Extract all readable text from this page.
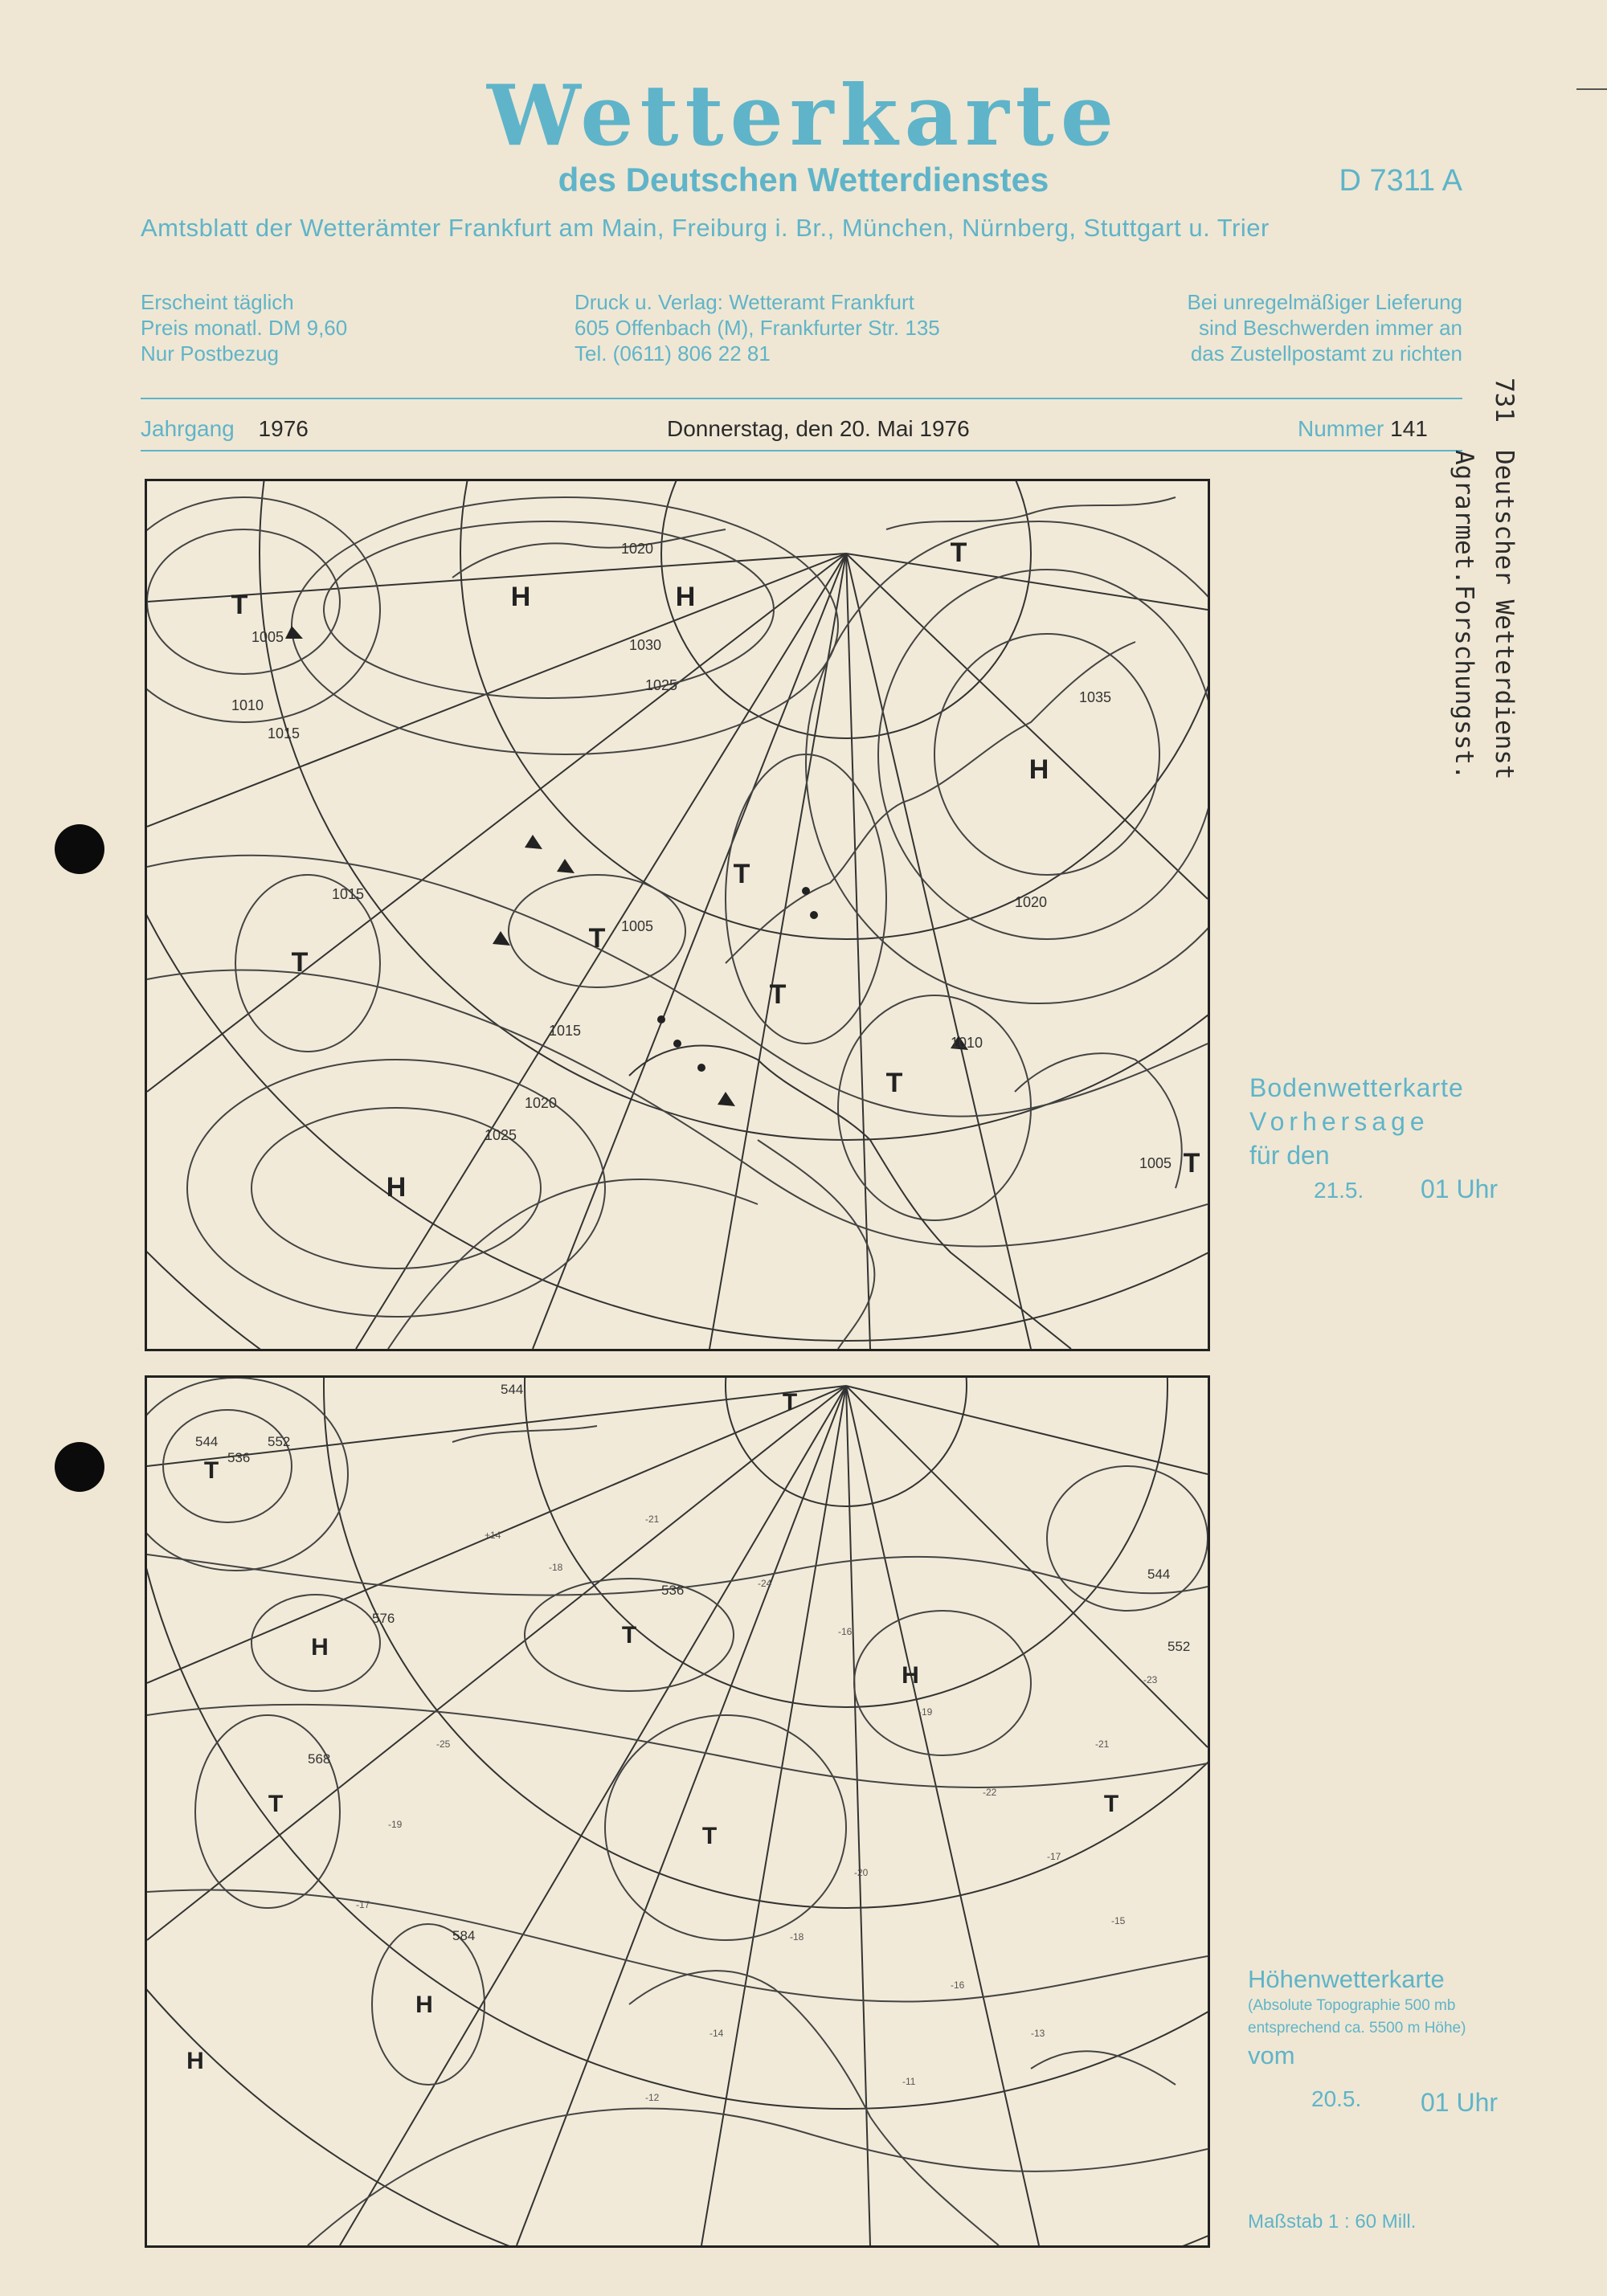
Wetterkarte
des Deutschen Wetterdienstes	D 7311 A
Amtsblatt der Wetterämter Frankfurt am Main, Freiburg i. Br., München, Nürnberg, Stuttgart u. Trier
Erscheint täglich
Preis monatl. DM 9,60
Nur Postbezug
Druck u. Verlag: Wetteramt Frankfurt
605 Offenbach (M), Frankfurter Str. 135
Tel. (0611) 806 22 81
Bei unregelmäßiger Lieferung
sind Beschwerden immer an
das Zustellpostamt zu richten
Jahrgang 1976	Donnerstag, den 20. Mai 1976	Nummer 141
T	H	H
T
H
T
T
T
T
T
H
T
1005
1010
1015
1020
1025
1030
1035
1015
1020
1025
1005
1010
1015
1020
1005
+14
-18
-21
-24
-16
-19
-22
-17
-15
-20
-18
-14
-12
-16
-13
-25
-19
-17
-23
-21
-11
T
H	T
T
H
T
H
H
T
T
544	552
536
544
536
576
568
584
552
544
Bodenwetterkarte
Vorhersage
für den
21.5. 01 Uhr
Höhenwetterkarte
(Absolute Topographie 500 mb
entsprechend ca. 5500 m Höhe)
vom
20.5. 01 Uhr
Maßstab 1 : 60 Mill.
731
Deutscher Wetterdienst
Agrarmet.Forschungsst.
